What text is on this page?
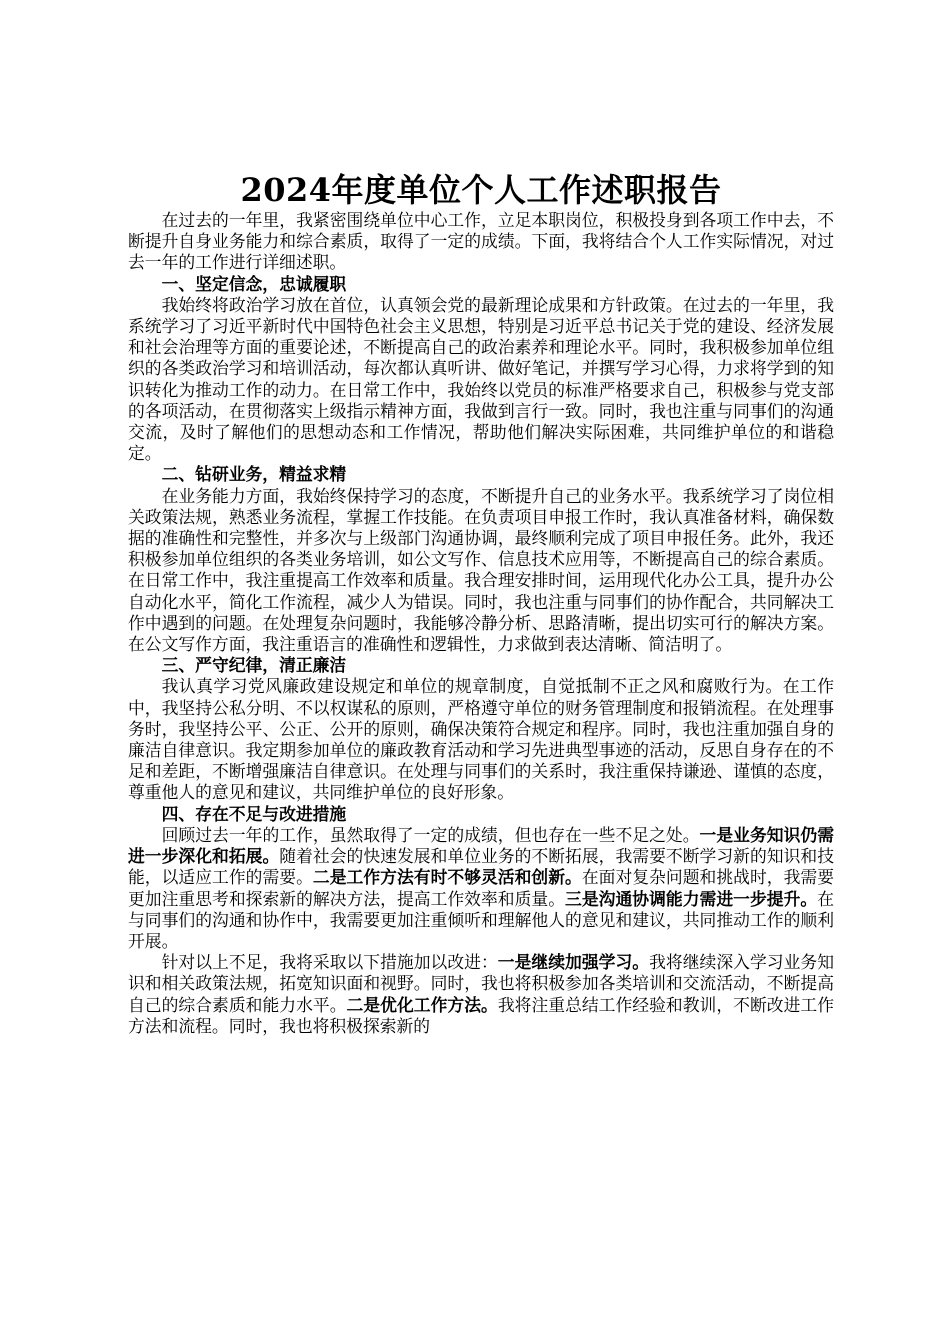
2024年度单位个人工作述职报告

在过去的一年里，我紧密围绕单位中心工作，立足本职岗位，积极投身到各项工作中去，不断提升自身业务能力和综合素质，取得了一定的成绩。下面，我将结合个人工作实际情况，对过去一年的工作进行详细述职。

一、坚定信念，忠诚履职

我始终将政治学习放在首位，认真领会党的最新理论成果和方针政策。在过去的一年里，我系统学习了习近平新时代中国特色社会主义思想，特别是习近平总书记关于党的建设、经济发展和社会治理等方面的重要论述，不断提高自己的政治素养和理论水平。同时，我积极参加单位组织的各类政治学习和培训活动，每次都认真听讲、做好笔记，并撰写学习心得，力求将学到的知识转化为推动工作的动力。在日常工作中，我始终以党员的标准严格要求自己，积极参与党支部的各项活动，在贯彻落实上级指示精神方面，我做到言行一致。同时，我也注重与同事们的沟通交流，及时了解他们的思想动态和工作情况，帮助他们解决实际困难，共同维护单位的和谐稳定。

二、钻研业务，精益求精

在业务能力方面，我始终保持学习的态度，不断提升自己的业务水平。我系统学习了岗位相关政策法规，熟悉业务流程，掌握工作技能。在负责项目申报工作时，我认真准备材料，确保数据的准确性和完整性，并多次与上级部门沟通协调，最终顺利完成了项目申报任务。此外，我还积极参加单位组织的各类业务培训，如公文写作、信息技术应用等，不断提高自己的综合素质。在日常工作中，我注重提高工作效率和质量。我合理安排时间，运用现代化办公工具，提升办公自动化水平，简化工作流程，减少人为错误。同时，我也注重与同事们的协作配合，共同解决工作中遇到的问题。在处理复杂问题时，我能够冷静分析、思路清晰，提出切实可行的解决方案。在公文写作方面，我注重语言的准确性和逻辑性，力求做到表达清晰、简洁明了。

三、严守纪律，清正廉洁

我认真学习党风廉政建设规定和单位的规章制度，自觉抵制不正之风和腐败行为。在工作中，我坚持公私分明、不以权谋私的原则，严格遵守单位的财务管理制度和报销流程。在处理事务时，我坚持公平、公正、公开的原则，确保决策符合规定和程序。同时，我也注重加强自身的廉洁自律意识。我定期参加单位的廉政教育活动和学习先进典型事迹的活动，反思自身存在的不足和差距，不断增强廉洁自律意识。在处理与同事们的关系时，我注重保持谦逊、谨慎的态度，尊重他人的意见和建议，共同维护单位的良好形象。

四、存在不足与改进措施

回顾过去一年的工作，虽然取得了一定的成绩，但也存在一些不足之处。一是业务知识仍需进一步深化和拓展。随着社会的快速发展和单位业务的不断拓展，我需要不断学习新的知识和技能，以适应工作的需要。二是工作方法有时不够灵活和创新。在面对复杂问题和挑战时，我需要更加注重思考和探索新的解决方法，提高工作效率和质量。三是沟通协调能力需进一步提升。在与同事们的沟通和协作中，我需要更加注重倾听和理解他人的意见和建议，共同推动工作的顺利开展。

针对以上不足，我将采取以下措施加以改进：一是继续加强学习。我将继续深入学习业务知识和相关政策法规，拓宽知识面和视野。同时，我也将积极参加各类培训和交流活动，不断提高自己的综合素质和能力水平。二是优化工作方法。我将注重总结工作经验和教训，不断改进工作方法和流程。同时，我也将积极探索新的
